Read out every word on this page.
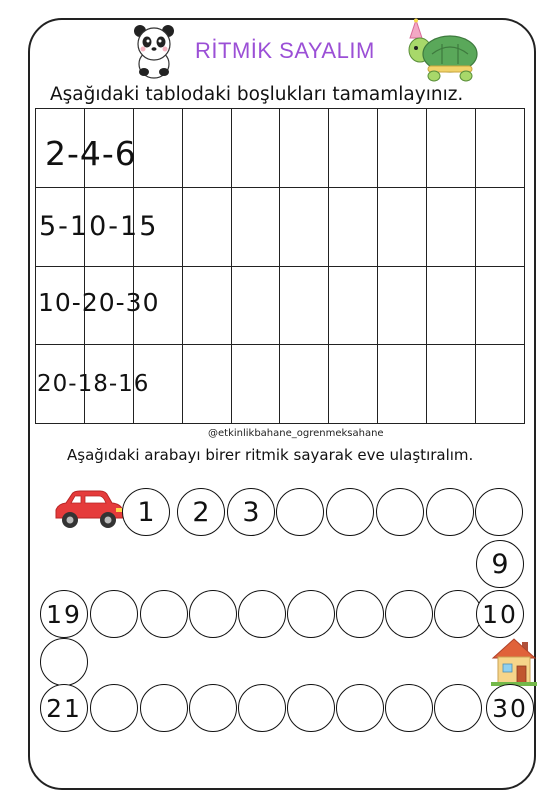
RİTMİK SAYALIM
Aşağıdaki tablodaki boşlukları tamamlayınız.

2-4-6
5-10-15
10-20-30
20-18-16
@etkinlikbahane_ogrenmeksahane
Aşağıdaki arabayı birer ritmik sayarak eve ulaştıralım.
1	2	3
9
19	10
21	30
